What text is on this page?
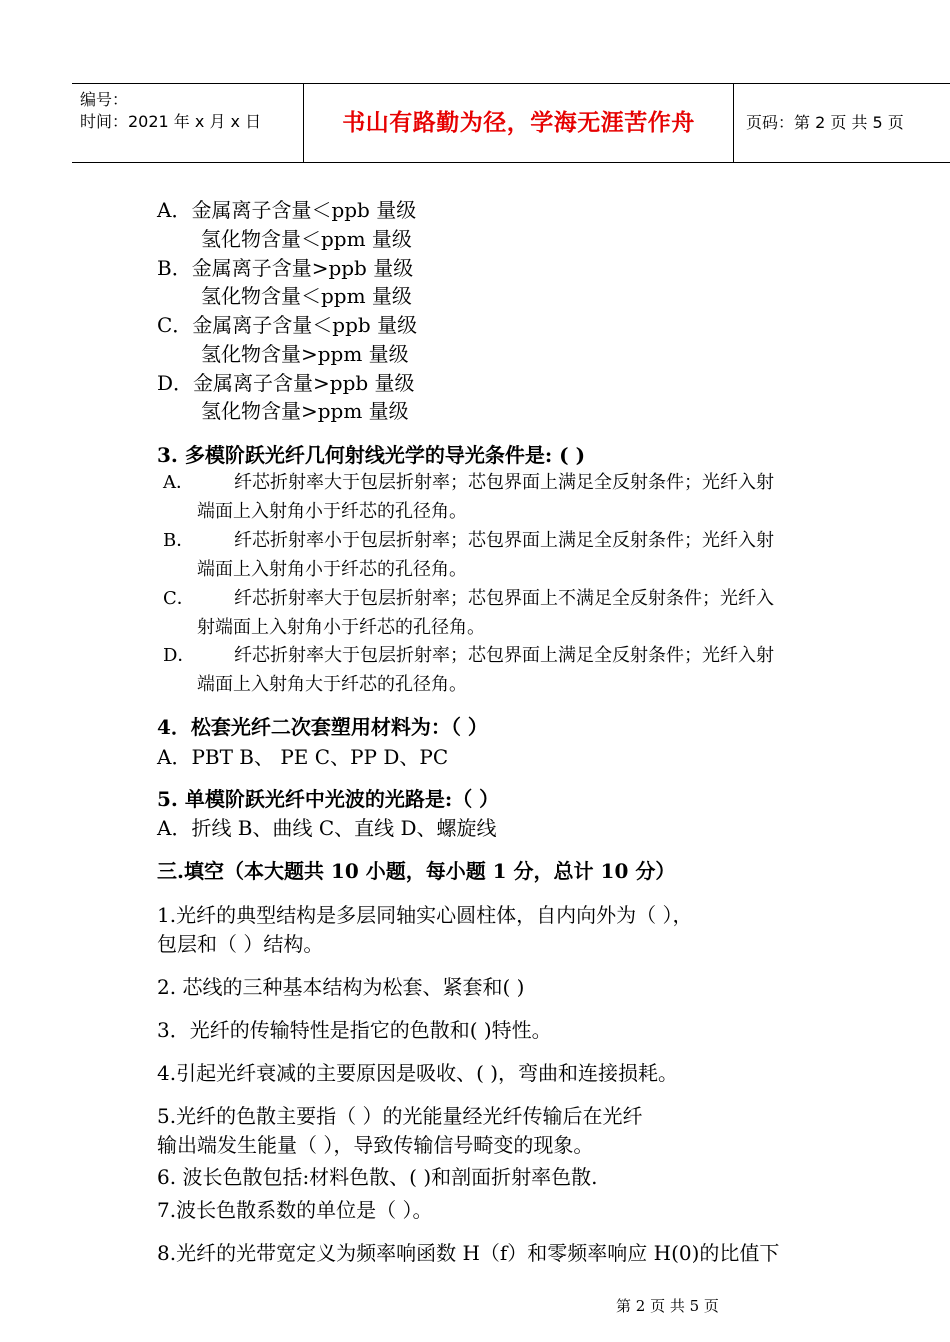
编号：
时间：2021 年 x 月 x 日	书山有路勤为径，学海无涯苦作舟	页码：第 2 页 共 5 页
A．金属离子含量＜ppb 量级
氢化物含量＜ppm 量级
B．金属离子含量>ppb 量级
氢化物含量＜ppm 量级
C．金属离子含量＜ppb 量级
氢化物含量>ppm 量级
D．金属离子含量>ppb 量级
氢化物含量>ppm 量级
3. 多模阶跃光纤几何射线光学的导光条件是: ( )
A． 纤芯折射率大于包层折射率；芯包界面上满足全反射条件；光纤入射
端面上入射角小于纤芯的孔径角。
B． 纤芯折射率小于包层折射率；芯包界面上满足全反射条件；光纤入射
端面上入射角小于纤芯的孔径角。
C． 纤芯折射率大于包层折射率；芯包界面上不满足全反射条件；光纤入
射端面上入射角小于纤芯的孔径角。
D． 纤芯折射率大于包层折射率；芯包界面上满足全反射条件；光纤入射
端面上入射角大于纤芯的孔径角。
4．松套光纤二次套塑用材料为：（ ）
A．PBT B、 PE C、PP D、PC
5. 单模阶跃光纤中光波的光路是:（ ）
A．折线 B、曲线 C、直线 D、螺旋线
三.填空（本大题共 10 小题，每小题 1 分，总计 10 分）
1.光纤的典型结构是多层同轴实心圆柱体，自内向外为（ ），
包层和（ ）结构。
2. 芯线的三种基本结构为松套、紧套和( )
3．光纤的传输特性是指它的色散和( )特性。
4.引起光纤衰减的主要原因是吸收、( )，弯曲和连接损耗。
5.光纤的色散主要指（ ）的光能量经光纤传输后在光纤
输出端发生能量（ ），导致传输信号畸变的现象。
6. 波长色散包括:材料色散、( )和剖面折射率色散.
7.波长色散系数的单位是（ ）。
8.光纤的光带宽定义为频率响函数 H（f）和零频率响应 H(0)的比值下
第 2 页 共 5 页
